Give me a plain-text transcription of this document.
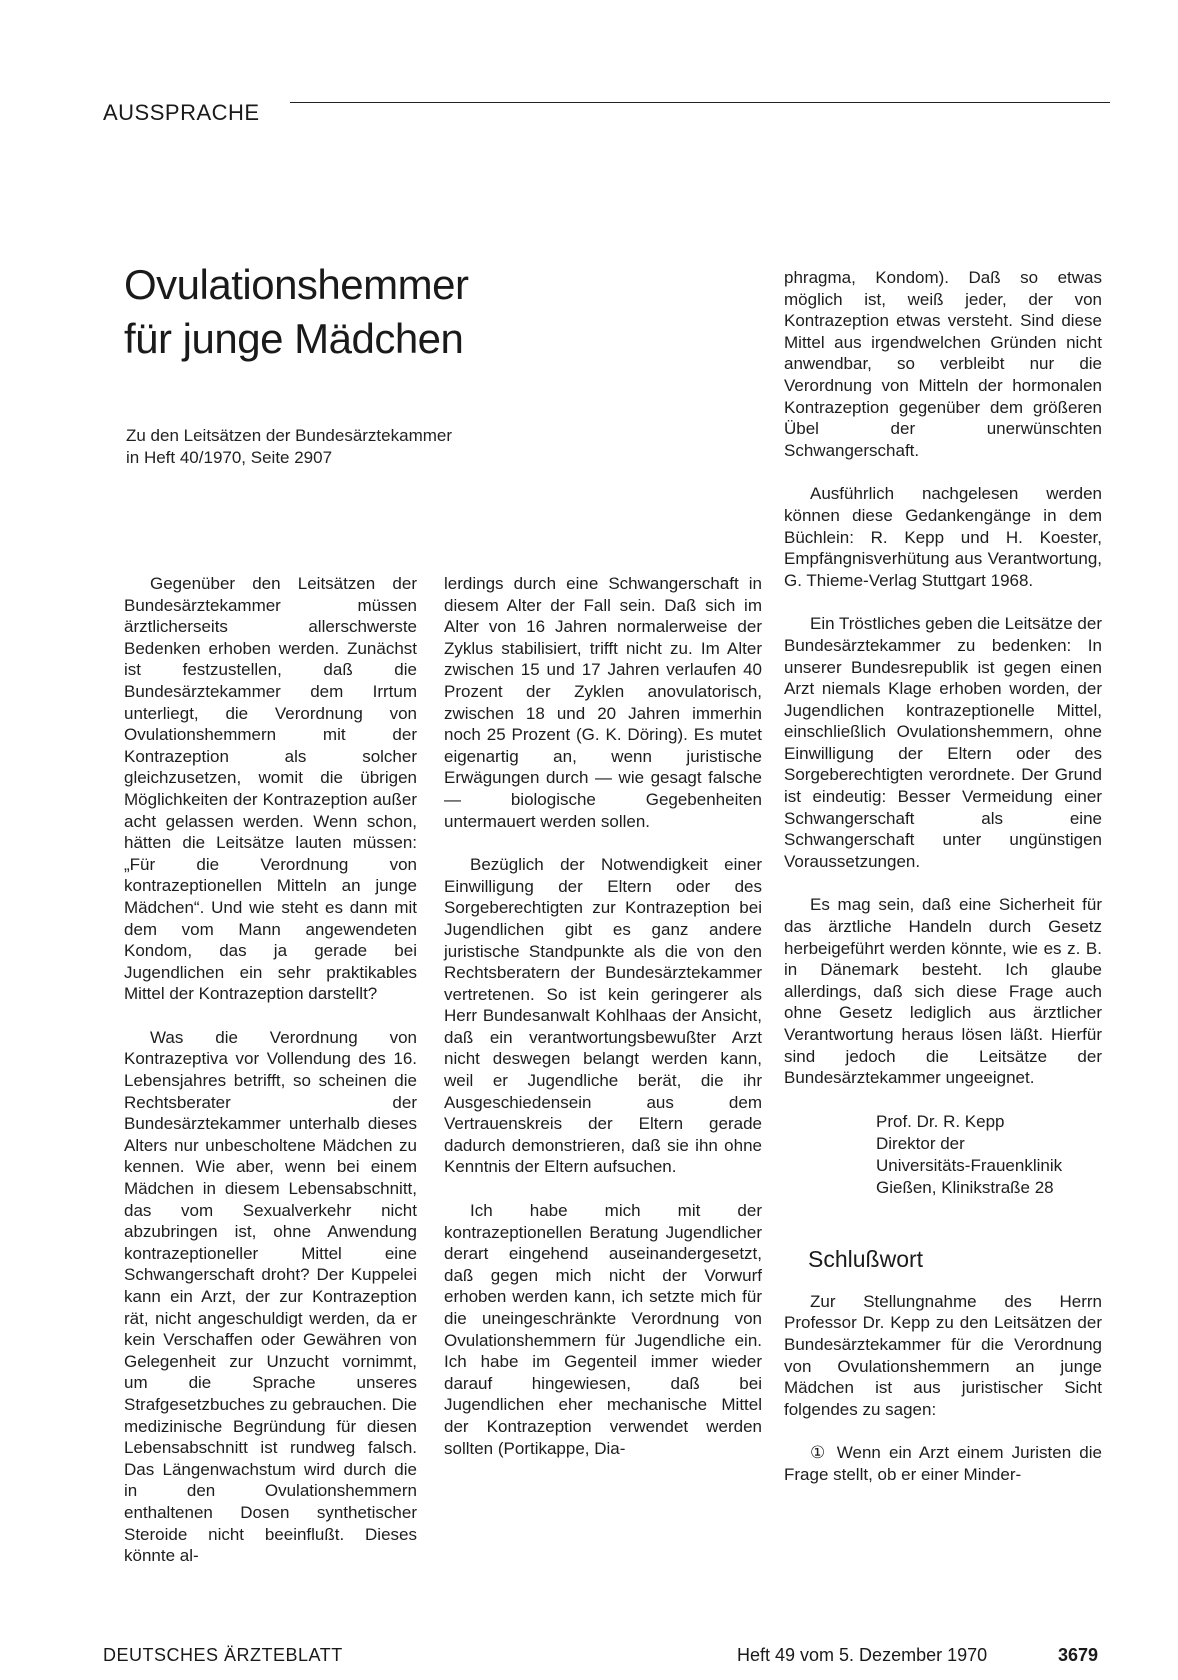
AUSSPRACHE
Ovulationshemmer
für junge Mädchen
Zu den Leitsätzen der Bundesärztekammer
in Heft 40/1970, Seite 2907

Gegenüber den Leitsätzen der Bundesärztekammer müssen ärztlicherseits allerschwerste Bedenken erhoben werden. Zunächst ist festzustellen, daß die Bundesärztekammer dem Irrtum unterliegt, die Verordnung von Ovulationshemmern mit der Kontrazeption als solcher gleichzusetzen, womit die übrigen Möglichkeiten der Kontrazeption außer acht gelassen werden. Wenn schon, hätten die Leitsätze lauten müssen: „Für die Verordnung von kontrazeptionellen Mitteln an junge Mädchen“. Und wie steht es dann mit dem vom Mann angewendeten Kondom, das ja gerade bei Jugendlichen ein sehr praktikables Mittel der Kontrazeption darstellt?

Was die Verordnung von Kontrazeptiva vor Vollendung des 16. Lebensjahres betrifft, so scheinen die Rechtsberater der Bundesärztekammer unterhalb dieses Alters nur unbescholtene Mädchen zu kennen. Wie aber, wenn bei einem Mädchen in diesem Lebensabschnitt, das vom Sexualverkehr nicht abzubringen ist, ohne Anwendung kontrazeptioneller Mittel eine Schwangerschaft droht? Der Kuppelei kann ein Arzt, der zur Kontrazeption rät, nicht angeschuldigt werden, da er kein Verschaffen oder Gewähren von Gelegenheit zur Unzucht vornimmt, um die Sprache unseres Strafgesetzbuches zu gebrauchen. Die medizinische Begründung für diesen Lebensabschnitt ist rundweg falsch. Das Längenwachstum wird durch die in den Ovulationshemmern enthaltenen Dosen synthetischer Steroide nicht beeinflußt. Dieses könnte al-

lerdings durch eine Schwangerschaft in diesem Alter der Fall sein. Daß sich im Alter von 16 Jahren normalerweise der Zyklus stabilisiert, trifft nicht zu. Im Alter zwischen 15 und 17 Jahren verlaufen 40 Prozent der Zyklen anovulatorisch, zwischen 18 und 20 Jahren immerhin noch 25 Prozent (G. K. Döring). Es mutet eigenartig an, wenn juristische Erwägungen durch — wie gesagt falsche — biologische Gegebenheiten untermauert werden sollen.

Bezüglich der Notwendigkeit einer Einwilligung der Eltern oder des Sorgeberechtigten zur Kontrazeption bei Jugendlichen gibt es ganz andere juristische Standpunkte als die von den Rechtsberatern der Bundesärztekammer vertretenen. So ist kein geringerer als Herr Bundesanwalt Kohlhaas der Ansicht, daß ein verantwortungsbewußter Arzt nicht deswegen belangt werden kann, weil er Jugendliche berät, die ihr Ausgeschiedensein aus dem Vertrauenskreis der Eltern gerade dadurch demonstrieren, daß sie ihn ohne Kenntnis der Eltern aufsuchen.

Ich habe mich mit der kontrazeptionellen Beratung Jugendlicher derart eingehend auseinandergesetzt, daß gegen mich nicht der Vorwurf erhoben werden kann, ich setzte mich für die uneingeschränkte Verordnung von Ovulationshemmern für Jugendliche ein. Ich habe im Gegenteil immer wieder darauf hingewiesen, daß bei Jugendlichen eher mechanische Mittel der Kontrazeption verwendet werden sollten (Portikappe, Dia-

phragma, Kondom). Daß so etwas möglich ist, weiß jeder, der von Kontrazeption etwas versteht. Sind diese Mittel aus irgendwelchen Gründen nicht anwendbar, so verbleibt nur die Verordnung von Mitteln der hormonalen Kontrazeption gegenüber dem größeren Übel der unerwünschten Schwangerschaft.

Ausführlich nachgelesen werden können diese Gedankengänge in dem Büchlein: R. Kepp und H. Koester, Empfängnisverhütung aus Verantwortung, G. Thieme-Verlag Stuttgart 1968.

Ein Tröstliches geben die Leitsätze der Bundesärztekammer zu bedenken: In unserer Bundesrepublik ist gegen einen Arzt niemals Klage erhoben worden, der Jugendlichen kontrazeptionelle Mittel, einschließlich Ovulationshemmern, ohne Einwilligung der Eltern oder des Sorgeberechtigten verordnete. Der Grund ist eindeutig: Besser Vermeidung einer Schwangerschaft als eine Schwangerschaft unter ungünstigen Voraussetzungen.

Es mag sein, daß eine Sicherheit für das ärztliche Handeln durch Gesetz herbeigeführt werden könnte, wie es z. B. in Dänemark besteht. Ich glaube allerdings, daß sich diese Frage auch ohne Gesetz lediglich aus ärztlicher Verantwortung heraus lösen läßt. Hierfür sind jedoch die Leitsätze der Bundesärztekammer ungeeignet.

Prof. Dr. R. Kepp
Direktor der
Universitäts-Frauenklinik
Gießen, Klinikstraße 28
Schlußwort

Zur Stellungnahme des Herrn Professor Dr. Kepp zu den Leitsätzen der Bundesärztekammer für die Verordnung von Ovulationshemmern an junge Mädchen ist aus juristischer Sicht folgendes zu sagen:

① Wenn ein Arzt einem Juristen die Frage stellt, ob er einer Minder-

DEUTSCHES ÄRZTEBLATT	Heft 49 vom 5. Dezember 1970	3679
